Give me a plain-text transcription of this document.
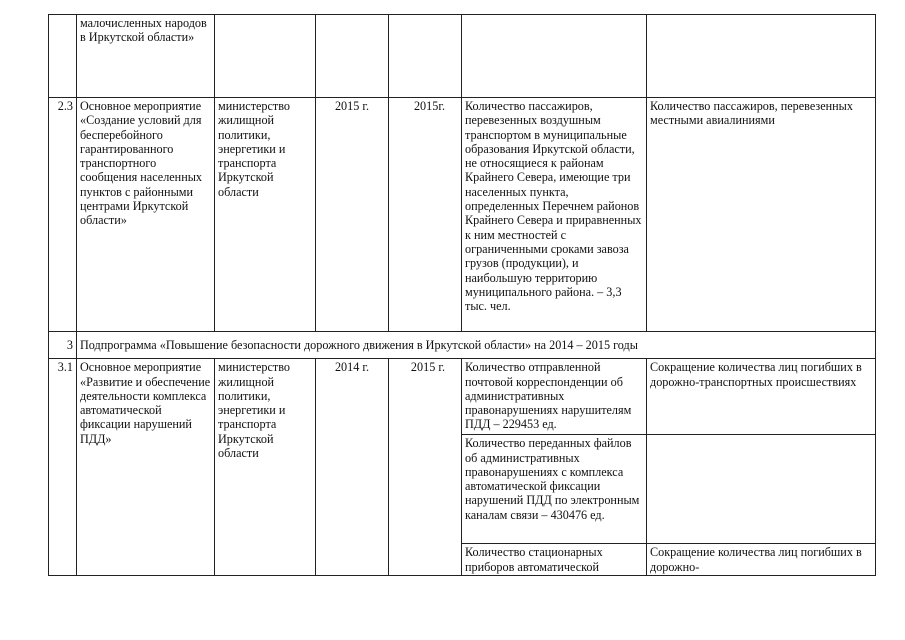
	малочисленных народов в Иркутской области»					
2.3	Основное мероприятие «Создание условий для бесперебойного гарантированного транспортного сообщения населенных пунктов с районными центрами Иркутской области»	министерство жилищной политики, энергетики и транспорта Иркутской области	2015 г.	2015г.	Количество пассажиров, перевезенных воздушным транспортом в муниципальные образования Иркутской области, не относящиеся к районам Крайнего Севера, имеющие три населенных пункта, определенных Перечнем районов Крайнего Севера и приравненных к ним местностей с ограниченными сроками завоза грузов (продукции), и наибольшую территорию муниципального района. – 3,3 тыс. чел.	Количество пассажиров, перевезенных местными авиалиниями
3	Подпрограмма «Повышение безопасности дорожного движения в Иркутской области» на 2014 – 2015 годы					
3.1	Основное мероприятие «Развитие и обеспечение деятельности комплекса автоматической фиксации нарушений ПДД»	министерство жилищной политики, энергетики и транспорта Иркутской области	2014 г.	2015 г.	Количество отправленной почтовой корреспонденции об административных правонарушениях нарушителям ПДД – 229453 ед.	Сокращение количества лиц погибших в дорожно-транспортных происшествиях
					Количество переданных файлов об административных правонарушениях с комплекса автоматической фиксации нарушений ПДД по электронным каналам связи – 430476 ед.	
					Количество стационарных приборов автоматической	Сокращение количества лиц погибших в дорожно-
